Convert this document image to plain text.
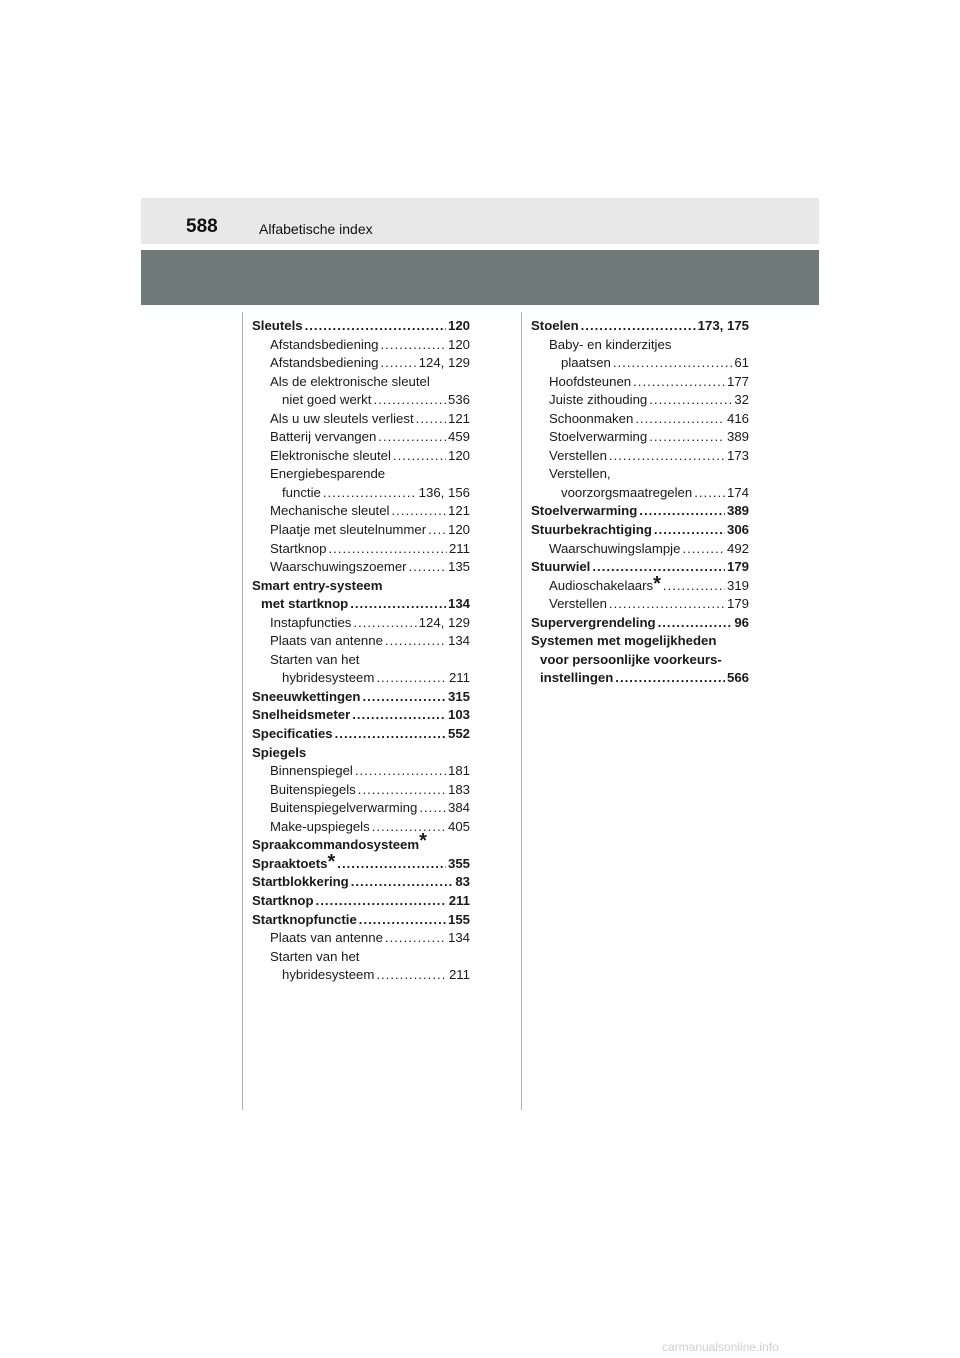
588	Alfabetische index
Sleutels .....	120
Afstandsbediening .....	120
Afstandsbediening .....	124, 129
Als de elektronische sleutel
niet goed werkt .....	536
Als u uw sleutels verliest .....	121
Batterij vervangen .....	459
Elektronische sleutel .....	120
Energiebesparende
functie .....	136, 156
Mechanische sleutel .....	121
Plaatje met sleutelnummer ..... 120
Startknop .....	211
Waarschuwingszoemer .....	135
Smart entry-systeem
met startknop .....	134
Instapfuncties .....	124, 129
Plaats van antenne .....	134
Starten van het
hybridesysteem .....	211
Sneeuwkettingen .....	315
Snelheidsmeter .....	103
Specificaties .....	552
Spiegels
Binnenspiegel .....	181
Buitenspiegels .....	183
Buitenspiegelverwarming ..... 384
Make-upspiegels .....	405
Spraakcommandosysteem*
Spraaktoets * .....	355
Startblokkering .....	83
Startknop .....	211
Startknopfunctie .....	155
Plaats van antenne .....	134
Starten van het
hybridesysteem .....	211
Stoelen .....	173, 175
Baby- en kinderzitjes
plaatsen .....	61
Hoofdsteunen .....	177
Juiste zithouding .....	32
Schoonmaken .....	416
Stoelverwarming .....	389
Verstellen .....	173
Verstellen,
voorzorgsmaatregelen .....	174
Stoelverwarming .....	389
Stuurbekrachtiging .....	306
Waarschuwingslampje .....	492
Stuurwiel .....	179
Audioschakelaars * .....	319
Verstellen .....	179
Supervergrendeling .....	96
Systemen met mogelijkheden
voor persoonlijke voorkeurs-
instellingen .....	566
carmanualsonline.info
